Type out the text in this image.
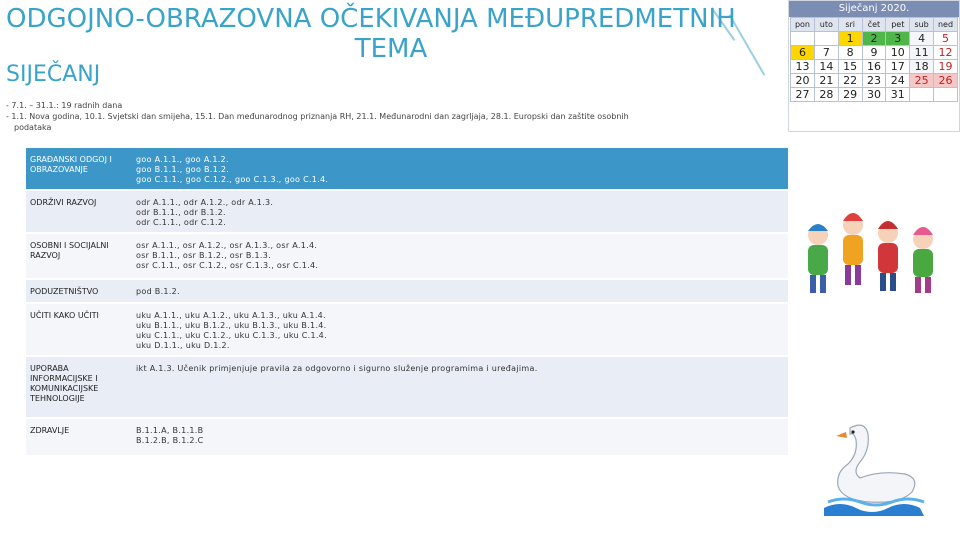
ODGOJNO-OBRAZOVNA OČEKIVANJA MEĐUPREDMETNIH
TEMA
SIJEČANJ
- 7.1. – 31.1.: 19 radnih dana
- 1.1. Nova godina, 10.1. Svjetski dan smijeha, 15.1. Dan međunarodnog priznanja RH, 21.1. Međunarodni dan zagrljaja, 28.1. Europski dan zaštite osobnih
podataka
GRAĐANSKI ODGOJ I OBRAZOVANJE	goo A.1.1., goo A.1.2.
goo B.1.1., goo B.1.2.
goo C.1.1., goo C.1.2., goo C.1.3., goo C.1.4.

ODRŽIVI RAZVOJ	odr A.1.1., odr A.1.2., odr A.1.3.
odr B.1.1., odr B.1.2.
odr C.1.1., odr C.1.2.

OSOBNI I SOCIJALNI RAZVOJ	osr A.1.1., osr A.1.2., osr A.1.3., osr A.1.4.
osr B.1.1., osr B.1.2., osr B.1.3.
osr C.1.1., osr C.1.2., osr C.1.3., osr C.1.4.

PODUZETNIŠTVO	pod B.1.2.

UČITI KAKO UČITI	uku A.1.1., uku A.1.2., uku A.1.3., uku A.1.4.
uku B.1.1., uku B.1.2., uku B.1.3., uku B.1.4.
uku C.1.1., uku C.1.2., uku C.1.3., uku C.1.4.
uku D.1.1., uku D.1.2.

UPORABA INFORMACIJSKE I KOMUNIKACIJSKE TEHNOLOGIJE	ikt A.1.3. Učenik primjenjuje pravila za odgovorno i sigurno služenje programima i uređajima.

ZDRAVLJE	B.1.1.A, B.1.1.B
B.1.2.B, B.1.2.C
Siječanj 2020.
pon	uto	sri	čet	pet	sub	ned
		1	2	3	4	5
6	7	8	9	10	11	12
13	14	15	16	17	18	19
20	21	22	23	24	25	26
27	28	29	30	31		
